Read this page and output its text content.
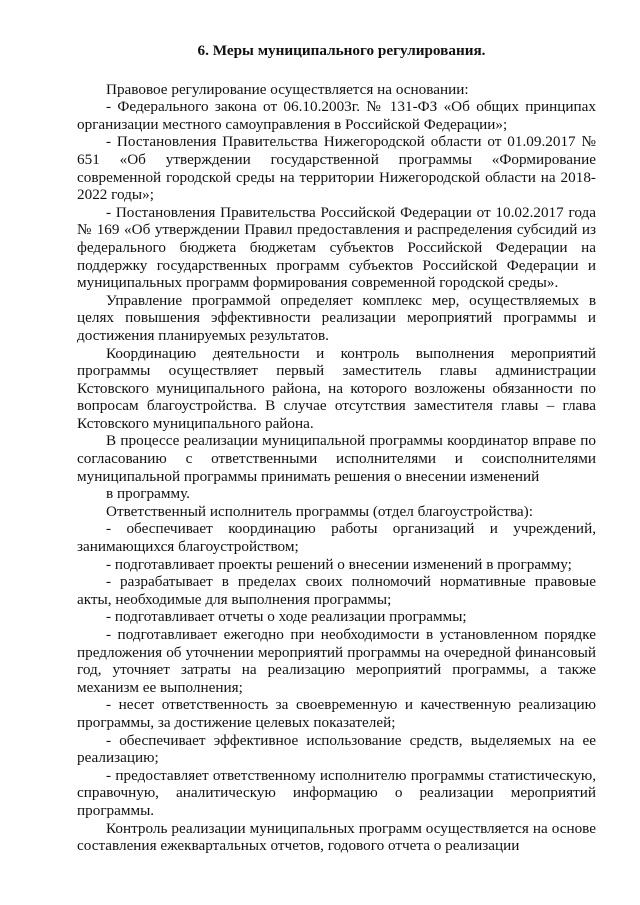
6. Меры муниципального регулирования.

Правовое регулирование осуществляется на основании:

- Федерального закона от 06.10.2003г. № 131-ФЗ «Об общих принципах организации местного самоуправления в Российской Федерации»;

- Постановления Правительства Нижегородской области от 01.09.2017 № 651 «Об утверждении государственной программы «Формирование современной городской среды на территории Нижегородской области на 2018-2022 годы»;

- Постановления Правительства Российской Федерации от 10.02.2017 года № 169 «Об утверждении Правил предоставления и распределения субсидий из федерального бюджета бюджетам субъектов Российской Федерации на поддержку государственных программ субъектов Российской Федерации и муниципальных программ формирования современной городской среды».

Управление программой определяет комплекс мер, осуществляемых в целях повышения эффективности реализации мероприятий программы и достижения планируемых результатов.

Координацию деятельности и контроль выполнения мероприятий программы осуществляет первый заместитель главы администрации Кстовского муниципального района, на которого возложены обязанности по вопросам благоустройства. В случае отсутствия заместителя главы – глава Кстовского муниципального района.

В процессе реализации муниципальной программы координатор вправе по согласованию с ответственными исполнителями и соисполнителями муниципальной программы принимать решения о внесении изменений

в программу.

Ответственный исполнитель программы (отдел благоустройства):

- обеспечивает координацию работы организаций и учреждений, занимающихся благоустройством;

- подготавливает проекты решений о внесении изменений в программу;

- разрабатывает в пределах своих полномочий нормативные правовые акты, необходимые для выполнения программы;

- подготавливает отчеты о ходе реализации программы;

- подготавливает ежегодно при необходимости в установленном порядке предложения об уточнении мероприятий программы на очередной финансовый год, уточняет затраты на реализацию мероприятий программы, а также механизм ее выполнения;

- несет ответственность за своевременную и качественную реализацию программы, за достижение целевых показателей;

- обеспечивает эффективное использование средств, выделяемых на ее реализацию;

- предоставляет ответственному исполнителю программы статистическую, справочную, аналитическую информацию о реализации мероприятий программы.

Контроль реализации муниципальных программ осуществляется на основе составления ежеквартальных отчетов, годового отчета о реализации
